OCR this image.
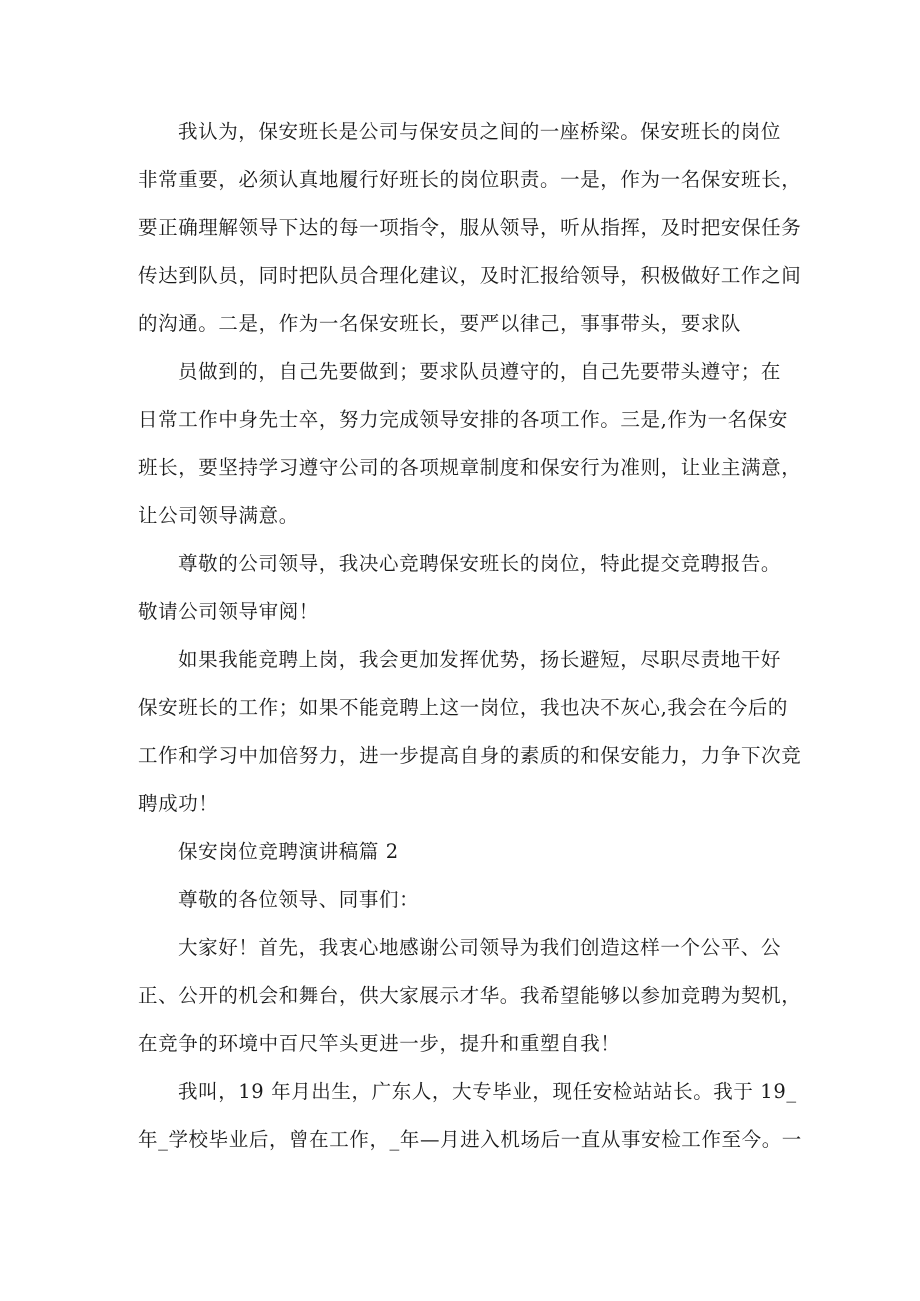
我认为，保安班长是公司与保安员之间的一座桥梁。保安班长的岗位
非常重要，必须认真地履行好班长的岗位职责。一是，作为一名保安班长，
要正确理解领导下达的每一项指令，服从领导，听从指挥，及时把安保任务
传达到队员，同时把队员合理化建议，及时汇报给领导，积极做好工作之间
的沟通。二是，作为一名保安班长，要严以律己，事事带头，要求队
员做到的，自己先要做到；要求队员遵守的，自己先要带头遵守；在
日常工作中身先士卒，努力完成领导安排的各项工作。三是,作为一名保安
班长，要坚持学习遵守公司的各项规章制度和保安行为准则，让业主满意，
让公司领导满意。
尊敬的公司领导，我决心竞聘保安班长的岗位，特此提交竞聘报告。
敬请公司领导审阅！
如果我能竞聘上岗，我会更加发挥优势，扬长避短，尽职尽责地干好
保安班长的工作；如果不能竞聘上这一岗位，我也决不灰心,我会在今后的
工作和学习中加倍努力，进一步提高自身的素质的和保安能力，力争下次竞
聘成功！
保安岗位竞聘演讲稿篇 2
尊敬的各位领导、同事们：
大家好！首先，我衷心地感谢公司领导为我们创造这样一个公平、公
正、公开的机会和舞台，供大家展示才华。我希望能够以参加竞聘为契机，
在竞争的环境中百尺竿头更进一步，提升和重塑自我！
我叫，19 年月出生，广东人，大专毕业，现任安检站站长。我于 19_
年_学校毕业后，曾在工作，_年—月进入机场后一直从事安检工作至今。一
